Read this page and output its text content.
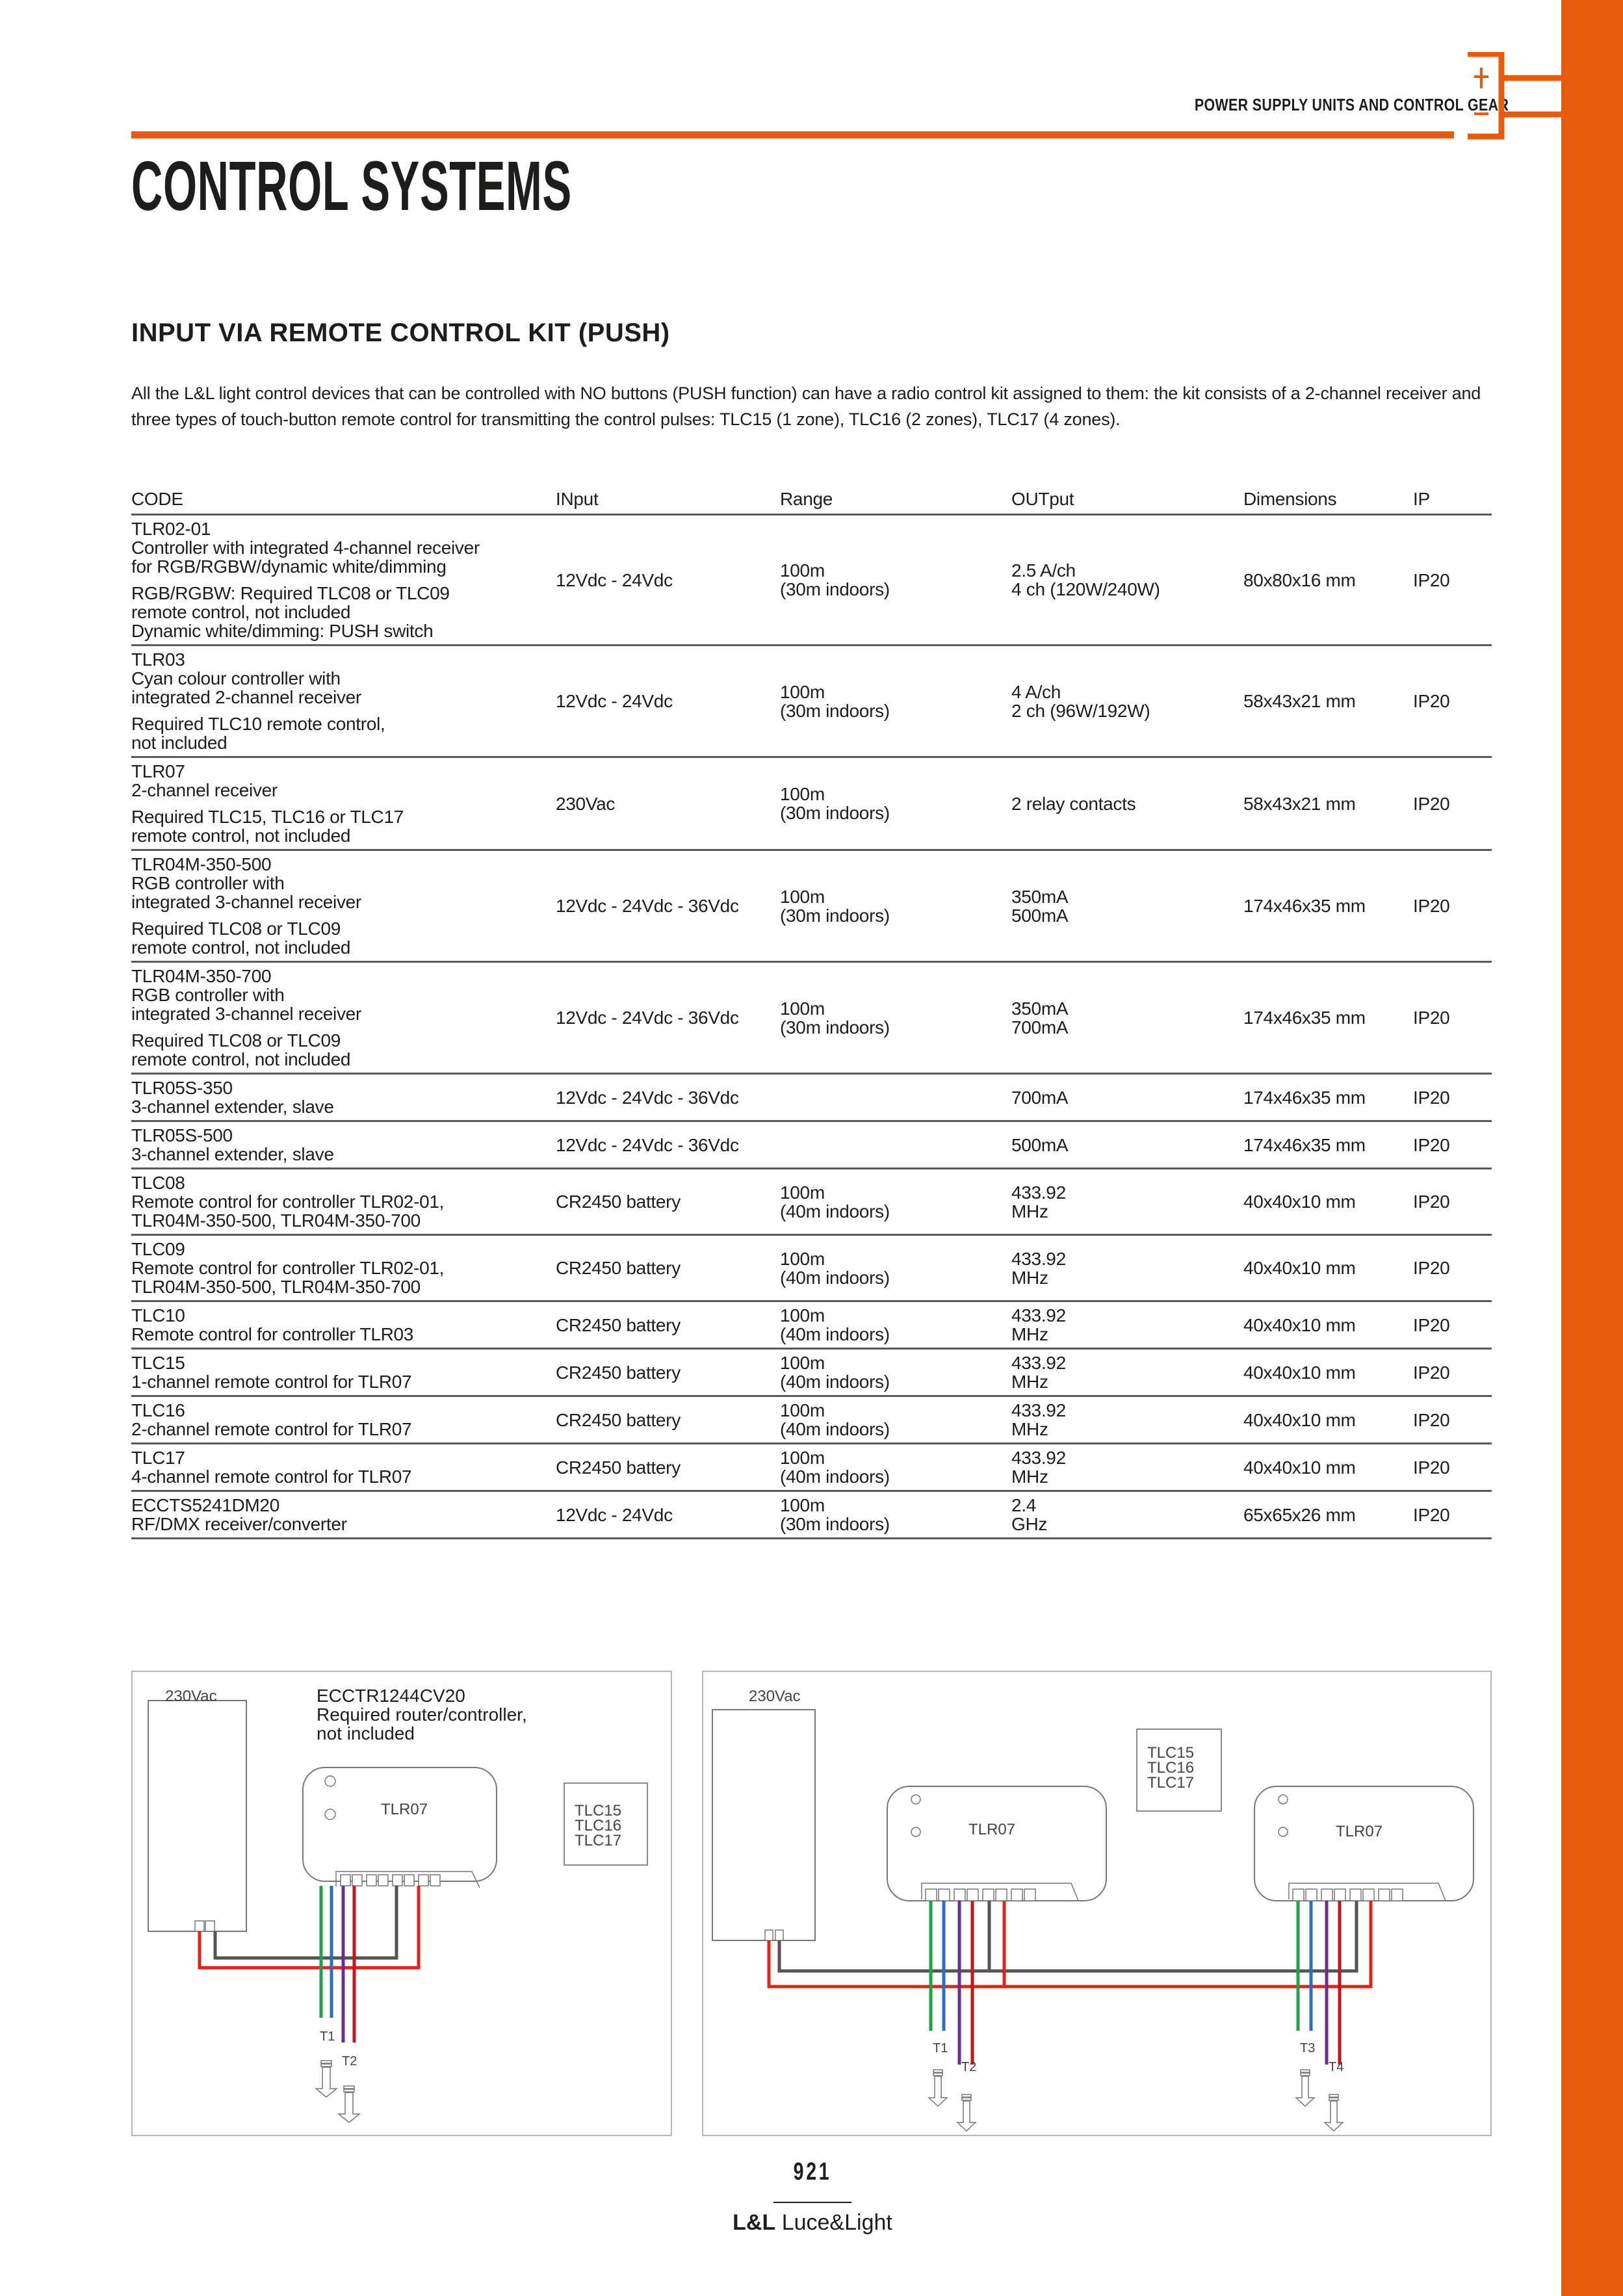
POWER SUPPLY UNITS AND CONTROL GEAR
CONTROL SYSTEMS
INPUT VIA REMOTE CONTROL KIT (PUSH)

All the L&L light control devices that can be controlled with NO buttons (PUSH function) can have a radio control kit assigned to them: the kit consists of a 2-channel receiver and three types of touch-button remote control for transmitting the control pulses: TLC15 (1 zone), TLC16 (2 zones), TLC17 (4 zones).

CODE	INput	Range	OUTput	Dimensions	IP

TLR02-01
Controller with integrated 4-channel receiver
for RGB/RGBW/dynamic white/dimming
RGB/RGBW: Required TLC08 or TLC09
remote control, not included
Dynamic white/dimming: PUSH switch
	12Vdc - 24Vdc	100m
(30m indoors)

2.5 A/ch
4 ch (120W/240W)	80x80x16 mm	IP20

TLR03
Cyan colour controller with
integrated 2-channel receiver
Required TLC10 remote control,
not included	12Vdc - 24Vdc	100m
(30m indoors)	4 A/ch
2 ch (96W/192W)	58x43x21 mm	IP20

TLR07
2-channel receiver
Required TLC15, TLC16 or TLC17
remote control, not included	230Vac	100m
(30m indoors)	2 relay contacts	58x43x21 mm	IP20

TLR04M-350-500
RGB controller with
integrated 3-channel receiver
Required TLC08 or TLC09
remote control, not included	12Vdc - 24Vdc - 36Vdc	100m
(30m indoors)	350mA
500mA	174x46x35 mm	IP20

TLR04M-350-700
RGB controller with
integrated 3-channel receiver
Required TLC08 or TLC09
remote control, not included	12Vdc - 24Vdc - 36Vdc	100m
(30m indoors)	350mA
700mA	174x46x35 mm	IP20

TLR05S-350
3-channel extender, slave	12Vdc - 24Vdc - 36Vdc		700mA	174x46x35 mm	IP20

TLR05S-500
3-channel extender, slave	12Vdc - 24Vdc - 36Vdc		500mA	174x46x35 mm	IP20

TLC08
Remote control for controller TLR02-01,
TLR04M-350-500, TLR04M-350-700	CR2450 battery	100m
(40m indoors)	433.92
MHz	40x40x10 mm	IP20

TLC09
Remote control for controller TLR02-01,
TLR04M-350-500, TLR04M-350-700	CR2450 battery	100m
(40m indoors)	433.92
MHz	40x40x10 mm	IP20

TLC10
Remote control for controller TLR03	CR2450 battery	100m
(40m indoors)	433.92
MHz	40x40x10 mm	IP20

TLC15
1-channel remote control for TLR07	CR2450 battery	100m
(40m indoors)	433.92
MHz	40x40x10 mm	IP20

TLC16
2-channel remote control for TLR07	CR2450 battery	100m
(40m indoors)	433.92
MHz	40x40x10 mm	IP20

TLC17
4-channel remote control for TLR07	CR2450 battery	100m
(40m indoors)	433.92
MHz	40x40x10 mm	IP20

ECCTS5241DM20
RF/DMX receiver/converter	12Vdc - 24Vdc	100m
(30m indoors)	2.4
GHz	65x65x26 mm	IP20
230Vac	ECCTR1244CV20
Required router/controller,
not included
TLR07	TLC15
TLC16
TLC17
T1
T2
230Vac
TLC15
TLC16
TLC17
TLR07	TLR07
T1
T2
T3
T4
921
L&L Luce&Light
